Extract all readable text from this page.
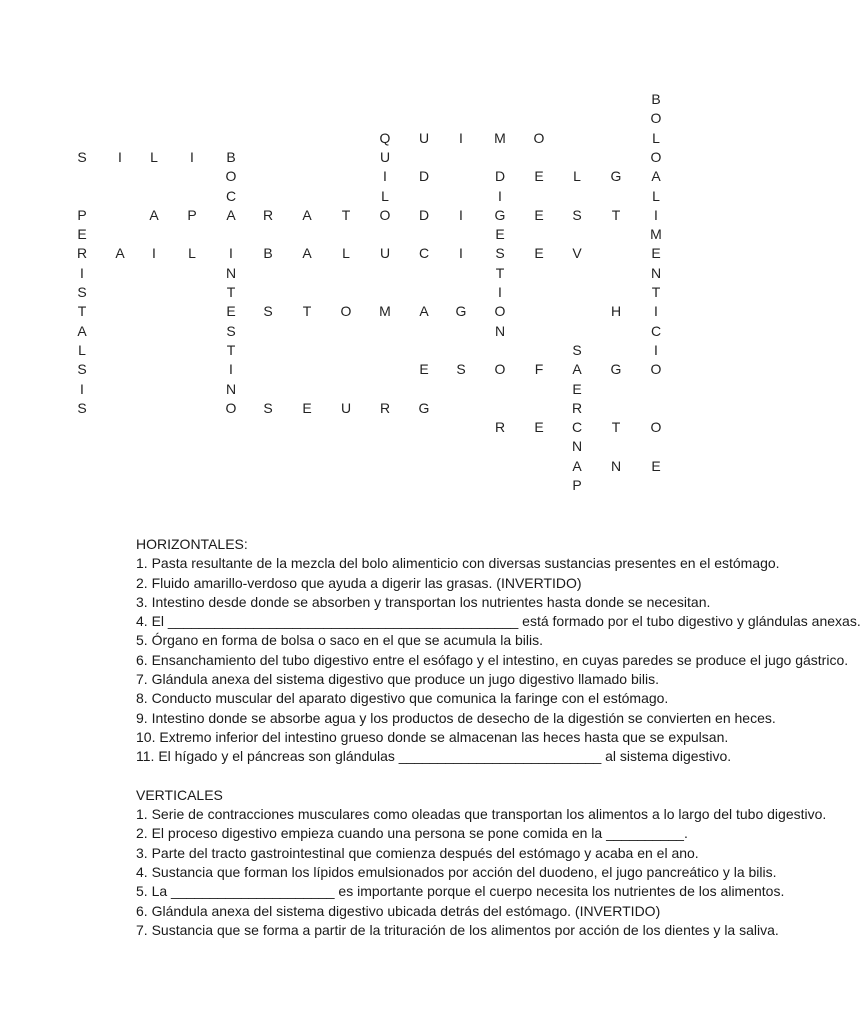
S	I	L	I	B
Q	U	I	M	O
B
O
L
O
A
L
I
M
E
N
T
I
C
I
O
O
C
A
U
I
L
O
D
I
G
E
S
T
I
O
N
D	E	L	G
P	A	P	R	A	T	D	I	E	S	T
E
R
I
S
T
A
L
S
I
S
A	I	L	I	B	A	L	U	C	I	E	V
N
T
E
S
T
I
N
O
S	T	O	M	A	G	H
S
E	S	O	F	A	G
E
S	E	U	R	G	R
R	E	C	T	O
N
A	N	E
P
HORIZONTALES:
1. Pasta resultante de la mezcla del bolo alimenticio con diversas sustancias presentes en el estómago.
2. Fluido amarillo-verdoso que ayuda a digerir las grasas. (INVERTIDO)
3. Intestino desde donde se absorben y transportan los nutrientes hasta donde se necesitan.
4. El _____________________________________________ está formado por el tubo digestivo y glándulas anexas.
5. Órgano en forma de bolsa o saco en el que se acumula la bilis.
6. Ensanchamiento del tubo digestivo entre el esófago y el intestino, en cuyas paredes se produce el jugo gástrico.
7. Glándula anexa del sistema digestivo que produce un jugo digestivo llamado bilis.
8. Conducto muscular del aparato digestivo que comunica la faringe con el estómago.
9. Intestino donde se absorbe agua y los productos de desecho de la digestión se convierten en heces.
10. Extremo inferior del intestino grueso donde se almacenan las heces hasta que se expulsan.
11. El hígado y el páncreas son glándulas __________________________ al sistema digestivo.
VERTICALES
1. Serie de contracciones musculares como oleadas que transportan los alimentos a lo largo del tubo digestivo.
2. El proceso digestivo empieza cuando una persona se pone comida en la __________.
3. Parte del tracto gastrointestinal que comienza después del estómago y acaba en el ano.
4. Sustancia que forman los lípidos emulsionados por acción del duodeno, el jugo pancreático y la bilis.
5. La _____________________ es importante porque el cuerpo necesita los nutrientes de los alimentos.
6. Glándula anexa del sistema digestivo ubicada detrás del estómago. (INVERTIDO)
7. Sustancia que se forma a partir de la trituración de los alimentos por acción de los dientes y la saliva.
